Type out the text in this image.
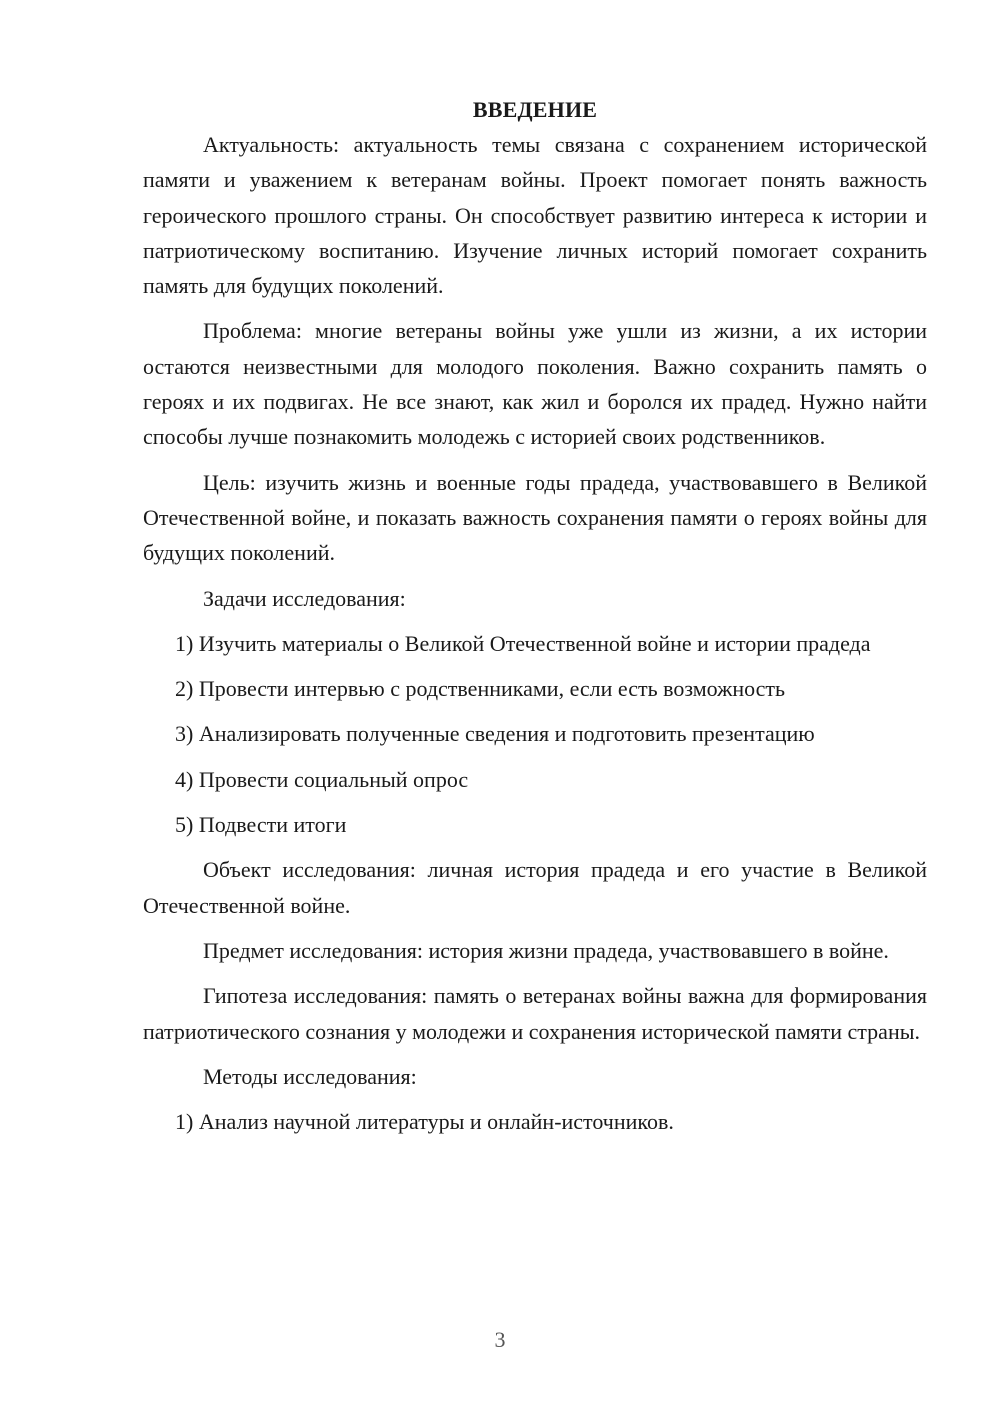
ВВЕДЕНИЕ

Актуальность: актуальность темы связана с сохранением исторической памяти и уважением к ветеранам войны. Проект помогает понять важность героического прошлого страны. Он способствует развитию интереса к истории и патриотическому воспитанию. Изучение личных историй помогает сохранить память для будущих поколений.

Проблема: многие ветераны войны уже ушли из жизни, а их истории остаются неизвестными для молодого поколения. Важно сохранить память о героях и их подвигах. Не все знают, как жил и боролся их прадед. Нужно найти способы лучше познакомить молодежь с историей своих родственников.

Цель: изучить жизнь и военные годы прадеда, участвовавшего в Великой Отечественной войне, и показать важность сохранения памяти о героях войны для будущих поколений.

Задачи исследования:

1) Изучить материалы о Великой Отечественной войне и истории прадеда

2) Провести интервью с родственниками, если есть возможность

3) Анализировать полученные сведения и подготовить презентацию

4) Провести социальный опрос

5) Подвести итоги

Объект исследования: личная история прадеда и его участие в Великой Отечественной войне.

Предмет исследования: история жизни прадеда, участвовавшего в войне.

Гипотеза исследования: память о ветеранах войны важна для формирования патриотического сознания у молодежи и сохранения исторической памяти страны.

Методы исследования:

1) Анализ научной литературы и онлайн-источников.

3
